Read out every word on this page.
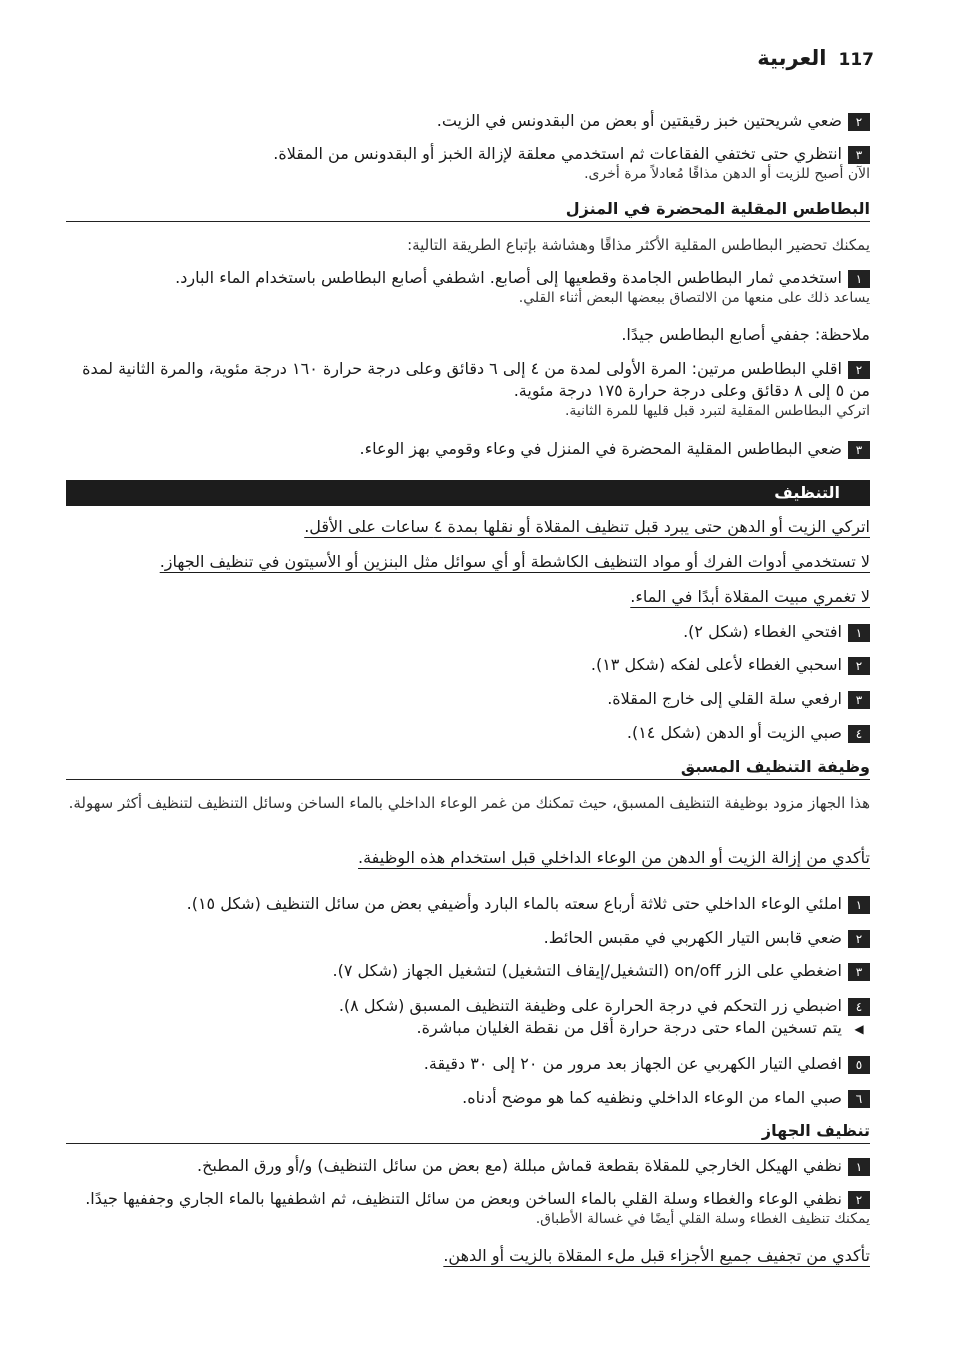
117
العربية
٢ضعي شريحتين خبز رقيقتين أو بعض من البقدونس في الزيت.
٣انتظري حتى تختفي الفقاعات ثم استخدمي معلقة لإزالة الخبز أو البقدونس من المقلاة.
الآن أصبح للزيت أو الدهن مذاقًا مُعادلاً مرة أخرى.
البطاطس المقلية المحضرة في المنزل
يمكنك تحضير البطاطس المقلية الأكثر مذاقًا وهشاشة بإتباع الطريقة التالية:
١استخدمي ثمار البطاطس الجامدة وقطعيها إلى أصابع. اشطفي أصابع البطاطس باستخدام الماء البارد.
يساعد ذلك على منعها من الالتصاق ببعضها البعض أثناء القلي.
ملاحظة: جففي أصابع البطاطس جيدًا.
٢اقلي البطاطس مرتين: المرة الأولى لمدة من ٤ إلى ٦ دقائق وعلى درجة حرارة ١٦٠ درجة مئوية، والمرة الثانية لمدة من ٥ إلى ٨ دقائق وعلى درجة حرارة ١٧٥ درجة مئوية.
اتركي البطاطس المقلية لتبرد قبل قليها للمرة الثانية.
٣ضعي البطاطس المقلية المحضرة في المنزل في وعاء وقومي بهز الوعاء.
التنظيف
اتركي الزيت أو الدهن حتى يبرد قبل تنظيف المقلاة أو نقلها بمدة ٤ ساعات على الأقل.
لا تستخدمي أدوات الفرك أو مواد التنظيف الكاشطة أو أي سوائل مثل البنزين أو الأسيتون في تنظيف الجهاز.
لا تغمري مبيت المقلاة أبدًا في الماء.
١افتحي الغطاء (شكل ٢).
٢اسحبي الغطاء لأعلى لفكه (شكل ١٣).
٣ارفعي سلة القلي إلى خارج المقلاة.
٤صبي الزيت أو الدهن (شكل ١٤).
وظيفة التنظيف المسبق
هذا الجهاز مزود بوظيفة التنظيف المسبق، حيث تمكنك من غمر الوعاء الداخلي بالماء الساخن وسائل التنظيف لتنظيف أكثر سهولة.
تأكدي من إزالة الزيت أو الدهن من الوعاء الداخلي قبل استخدام هذه الوظيفة.
١املئي الوعاء الداخلي حتى ثلاثة أرباع سعته بالماء البارد وأضيفي بعض من سائل التنظيف (شكل ١٥).
٢ضعي قابس التيار الكهربي في مقبس الحائط.
٣اضغطي على الزر on/off (التشغيل/إيقاف التشغيل) لتشغيل الجهاز (شكل ٧).
٤اضبطي زر التحكم في درجة الحرارة على وظيفة التنظيف المسبق (شكل ٨).
◀يتم تسخين الماء حتى درجة حرارة أقل من نقطة الغليان مباشرة.
٥افصلي التيار الكهربي عن الجهاز بعد مرور من ٢٠ إلى ٣٠ دقيقة.
٦صبي الماء من الوعاء الداخلي ونظفيه كما هو موضح أدناه.
تنظيف الجهاز
١نظفي الهيكل الخارجي للمقلاة بقطعة قماش مبللة (مع بعض من سائل التنظيف) و/أو ورق المطبخ.
٢نظفي الوعاء والغطاء وسلة القلي بالماء الساخن وبعض من سائل التنظيف، ثم اشطفيها بالماء الجاري وجففيها جيدًا.
يمكنك تنظيف الغطاء وسلة القلي أيضًا في غسالة الأطباق.
تأكدي من تجفيف جميع الأجزاء قبل ملء المقلاة بالزيت أو الدهن.
